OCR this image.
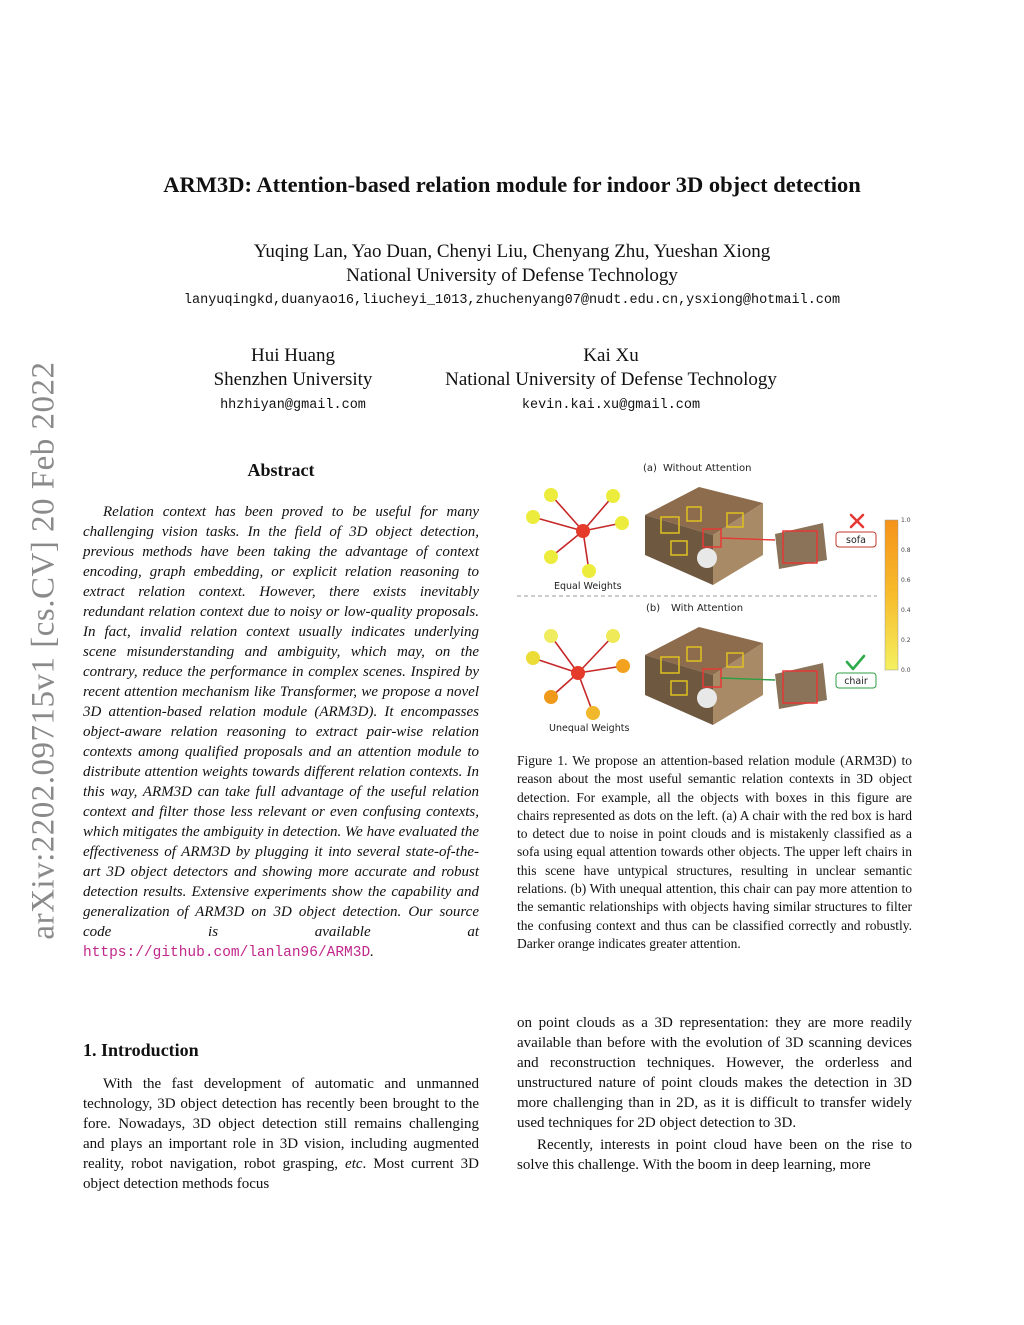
arXiv:2202.09715v1 [cs.CV] 20 Feb 2022
ARM3D: Attention-based relation module for indoor 3D object detection
Yuqing Lan, Yao Duan, Chenyi Liu, Chenyang Zhu, Yueshan Xiong
National University of Defense Technology
lanyuqingkd,duanyao16,liucheyi_1013,zhuchenyang07@nudt.edu.cn,ysxiong@hotmail.com
Hui Huang
Shenzhen University
hhzhiyan@gmail.com
Kai Xu
National University of Defense Technology
kevin.kai.xu@gmail.com
Abstract

Relation context has been proved to be useful for many challenging vision tasks. In the field of 3D object detection, previous methods have been taking the advantage of context encoding, graph embedding, or explicit relation reasoning to extract relation context. However, there exists inevitably redundant relation context due to noisy or low-quality proposals. In fact, invalid relation context usually indicates underlying scene misunderstanding and ambiguity, which may, on the contrary, reduce the performance in complex scenes. Inspired by recent attention mechanism like Transformer, we propose a novel 3D attention-based relation module (ARM3D). It encompasses object-aware relation reasoning to extract pair-wise relation contexts among qualified proposals and an attention module to distribute attention weights towards different relation contexts. In this way, ARM3D can take full advantage of the useful relation context and filter those less relevant or even confusing contexts, which mitigates the ambiguity in detection. We have evaluated the effectiveness of ARM3D by plugging it into several state-of-the-art 3D object detectors and showing more accurate and robust detection results. Extensive experiments show the capability and generalization of ARM3D on 3D object detection. Our source code is available at https://github.com/lanlan96/ARM3D.

(a) Without Attention
Equal Weights
sofa
(b) With Attention
Unequal Weights
chair
1.0
0.8
0.6
0.4
0.2
0.0

Figure 1. We propose an attention-based relation module (ARM3D) to reason about the most useful semantic relation contexts in 3D object detection. For example, all the objects with boxes in this figure are chairs represented as dots on the left. (a) A chair with the red box is hard to detect due to noise in point clouds and is mistakenly classified as a sofa using equal attention towards other objects. The upper left chairs in this scene have untypical structures, resulting in unclear semantic relations. (b) With unequal attention, this chair can pay more attention to the semantic relationships with objects having similar structures to filter the confusing context and thus can be classified correctly and robustly. Darker orange indicates greater attention.

1. Introduction

With the fast development of automatic and unmanned technology, 3D object detection has recently been brought to the fore. Nowadays, 3D object detection still remains challenging and plays an important role in 3D vision, including augmented reality, robot navigation, robot grasping, etc. Most current 3D object detection methods focus

on point clouds as a 3D representation: they are more readily available than before with the evolution of 3D scanning devices and reconstruction techniques. However, the orderless and unstructured nature of point clouds makes the detection in 3D more challenging than in 2D, as it is difficult to transfer widely used techniques for 2D object detection to 3D.

Recently, interests in point cloud have been on the rise to solve this challenge. With the boom in deep learning, more
